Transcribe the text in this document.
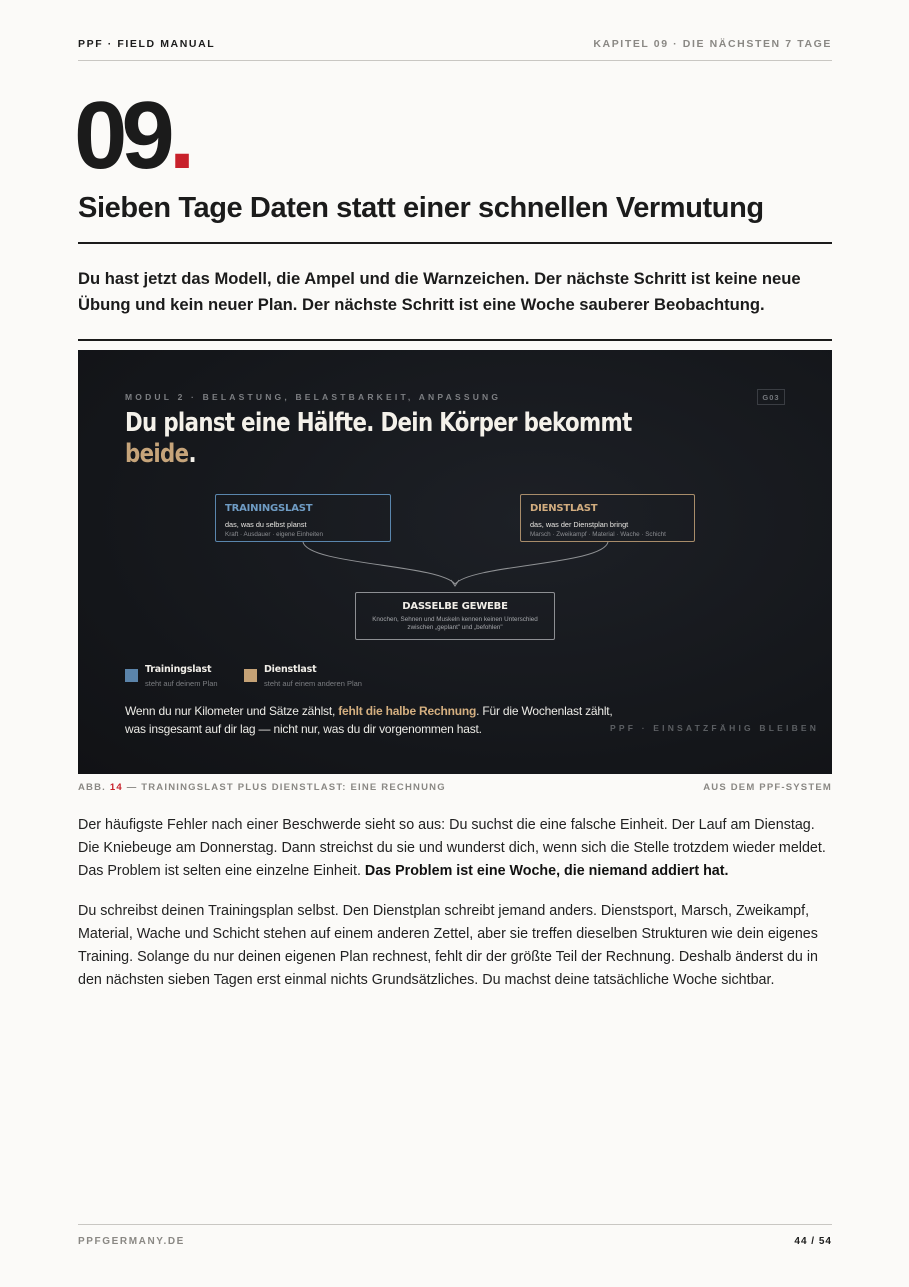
PPF · FIELD MANUAL	KAPITEL 09 · DIE NÄCHSTEN 7 TAGE
09.
Sieben Tage Daten statt einer schnellen Vermutung

Du hast jetzt das Modell, die Ampel und die Warnzeichen. Der nächste Schritt ist keine neue Übung und kein neuer Plan. Der nächste Schritt ist eine Woche sauberer Beobachtung.

MODUL 2 · BELASTUNG, BELASTBARKEIT, ANPASSUNG	G03
Du planst eine Hälfte. Dein Körper bekommt
beide.
TRAININGSLAST
das, was du selbst planst
Kraft · Ausdauer · eigene Einheiten
DIENSTLAST
das, was der Dienstplan bringt
Marsch · Zweikampf · Material · Wache · Schicht
DASSELBE GEWEBE
Knochen, Sehnen und Muskeln kennen keinen Unterschied
zwischen „geplant" und „befohlen"
Trainingslast
steht auf deinem Plan
Dienstlast
steht auf einem anderen Plan

Wenn du nur Kilometer und Sätze zählst, fehlt die halbe Rechnung. Für die Wochenlast zählt, was insgesamt auf dir lag — nicht nur, was du dir vorgenommen hast.	PPF · EINSATZFÄHIG BLEIBEN
ABB. 14 — TRAININGSLAST PLUS DIENSTLAST: EINE RECHNUNG	AUS DEM PPF-SYSTEM

Der häufigste Fehler nach einer Beschwerde sieht so aus: Du suchst die eine falsche Einheit. Der Lauf am Dienstag. Die Kniebeuge am Donnerstag. Dann streichst du sie und wunderst dich, wenn sich die Stelle trotzdem wieder meldet. Das Problem ist selten eine einzelne Einheit. Das Problem ist eine Woche, die niemand addiert hat.

Du schreibst deinen Trainingsplan selbst. Den Dienstplan schreibt jemand anders. Dienstsport, Marsch, Zweikampf, Material, Wache und Schicht stehen auf einem anderen Zettel, aber sie treffen dieselben Strukturen wie dein eigenes Training. Solange du nur deinen eigenen Plan rechnest, fehlt dir der größte Teil der Rechnung. Deshalb änderst du in den nächsten sieben Tagen erst einmal nichts Grundsätzliches. Du machst deine tatsächliche Woche sichtbar.

PPFGERMANY.DE	44 / 54
